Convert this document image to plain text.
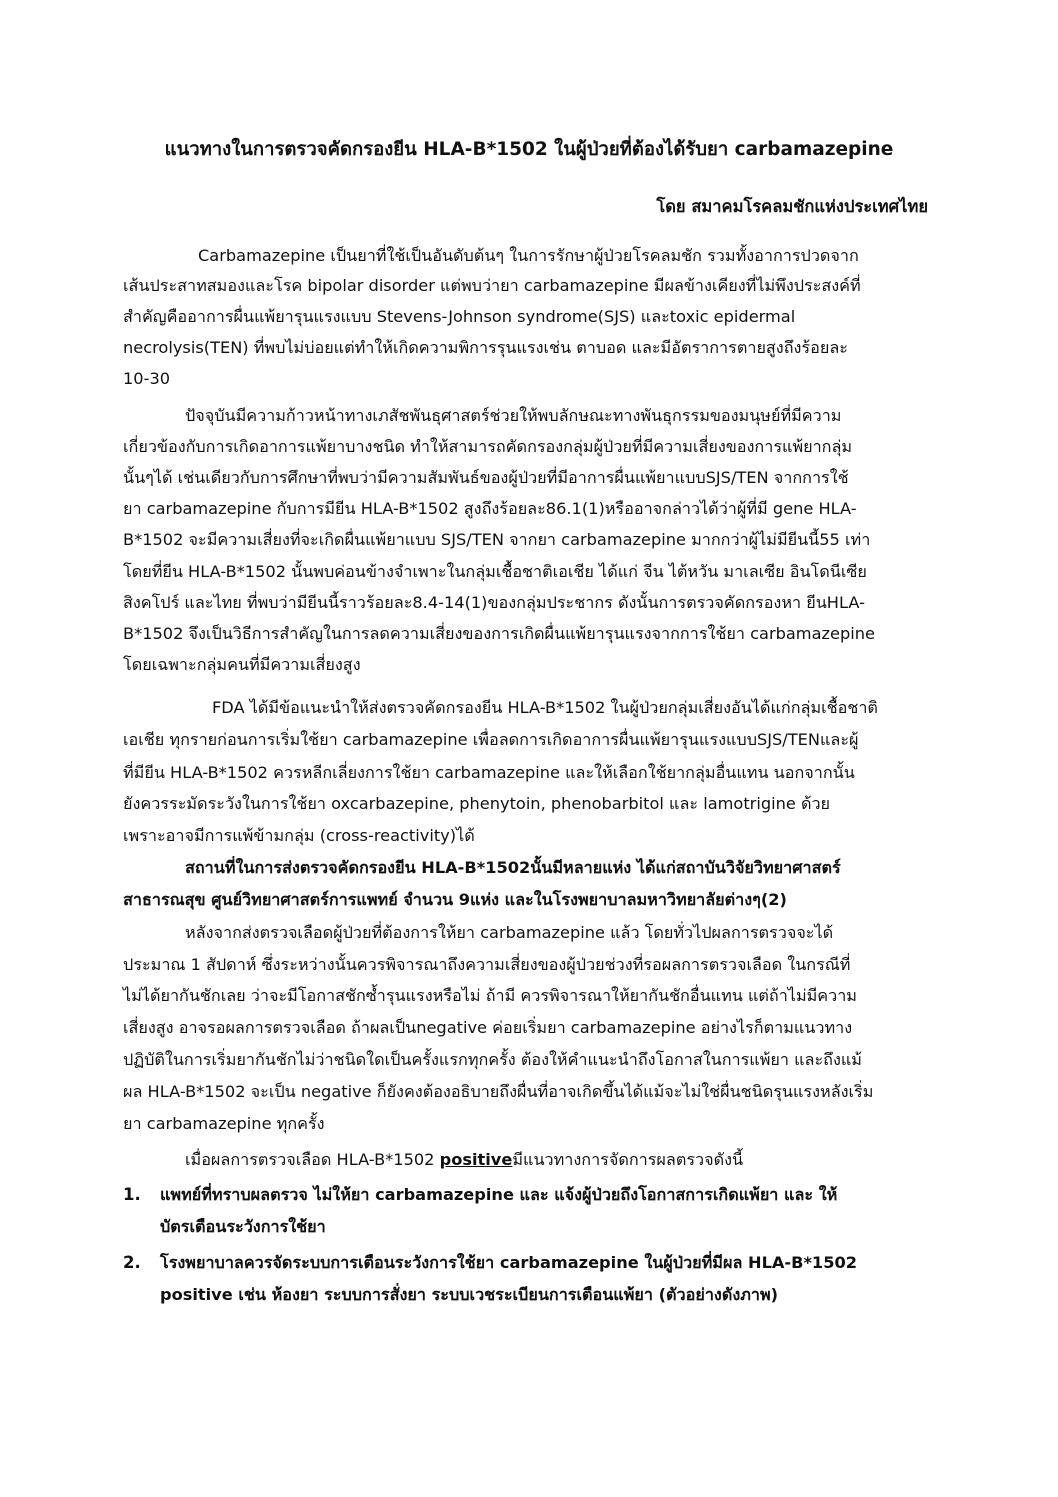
แนวทางในการตรวจคัดกรองยีน HLA-B*1502 ในผู้ป่วยที่ต้องได้รับยา carbamazepine
โดย สมาคมโรคลมชักแห่งประเทศไทย
Carbamazepine เป็นยาที่ใช้เป็นอันดับต้นๆ ในการรักษาผู้ป่วยโรคลมชัก รวมทั้งอาการปวดจาก
เส้นประสาทสมองและโรค bipolar disorder แต่พบว่ายา carbamazepine มีผลข้างเคียงที่ไม่พึงประสงค์ที่
สำคัญคืออาการผื่นแพ้ยารุนแรงแบบ Stevens-Johnson syndrome(SJS) และtoxic epidermal
necrolysis(TEN) ที่พบไม่บ่อยแต่ทำให้เกิดความพิการรุนแรงเช่น ตาบอด และมีอัตราการตายสูงถึงร้อยละ
10-30
ปัจจุบันมีความก้าวหน้าทางเภสัชพันธุศาสตร์ช่วยให้พบลักษณะทางพันธุกรรมของมนุษย์ที่มีความ
เกี่ยวข้องกับการเกิดอาการแพ้ยาบางชนิด ทำให้สามารถคัดกรองกลุ่มผู้ป่วยที่มีความเสี่ยงของการแพ้ยากลุ่ม
นั้นๆได้ เช่นเดียวกับการศึกษาที่พบว่ามีความสัมพันธ์ของผู้ป่วยที่มีอาการผื่นแพ้ยาแบบSJS/TEN จากการใช้
ยา carbamazepine กับการมียีน HLA-B*1502 สูงถึงร้อยละ86.1(1)หรืออาจกล่าวได้ว่าผู้ที่มี gene HLA-
B*1502 จะมีความเสี่ยงที่จะเกิดผื่นแพ้ยาแบบ SJS/TEN จากยา carbamazepine มากกว่าผู้ไม่มียีนนี้55 เท่า
โดยที่ยีน HLA-B*1502 นั้นพบค่อนข้างจำเพาะในกลุ่มเชื้อชาติเอเชีย ได้แก่ จีน ไต้หวัน มาเลเซีย อินโดนีเซีย
สิงคโปร์ และไทย ที่พบว่ามียีนนี้ราวร้อยละ8.4-14(1)ของกลุ่มประชากร ดังนั้นการตรวจคัดกรองหา ยีนHLA-
B*1502 จึงเป็นวิธีการสำคัญในการลดความเสี่ยงของการเกิดผื่นแพ้ยารุนแรงจากการใช้ยา carbamazepine
โดยเฉพาะกลุ่มคนที่มีความเสี่ยงสูง
FDA ได้มีข้อแนะนำให้ส่งตรวจคัดกรองยีน HLA-B*1502 ในผู้ป่วยกลุ่มเสี่ยงอันได้แก่กลุ่มเชื้อชาติ
เอเชีย ทุกรายก่อนการเริ่มใช้ยา carbamazepine เพื่อลดการเกิดอาการผื่นแพ้ยารุนแรงแบบSJS/TENและผู้
ที่มียีน HLA-B*1502 ควรหลีกเลี่ยงการใช้ยา carbamazepine และให้เลือกใช้ยากลุ่มอื่นแทน นอกจากนั้น
ยังควรระมัดระวังในการใช้ยา oxcarbazepine, phenytoin, phenobarbitol และ lamotrigine ด้วย
เพราะอาจมีการแพ้ข้ามกลุ่ม (cross-reactivity)ได้
สถานที่ในการส่งตรวจคัดกรองยีน HLA-B*1502นั้นมีหลายแห่ง ได้แก่สถาบันวิจัยวิทยาศาสตร์
สาธารณสุข ศูนย์วิทยาศาสตร์การแพทย์ จำนวน 9แห่ง และในโรงพยาบาลมหาวิทยาลัยต่างๆ(2)
หลังจากส่งตรวจเลือดผู้ป่วยที่ต้องการให้ยา carbamazepine แล้ว โดยทั่วไปผลการตรวจจะได้
ประมาณ 1 สัปดาห์ ซึ่งระหว่างนั้นควรพิจารณาถึงความเสี่ยงของผู้ป่วยช่วงที่รอผลการตรวจเลือด ในกรณีที่
ไม่ได้ยากันชักเลย ว่าจะมีโอกาสชักซ้ำรุนแรงหรือไม่ ถ้ามี ควรพิจารณาให้ยากันชักอื่นแทน แต่ถ้าไม่มีความ
เสี่ยงสูง อาจรอผลการตรวจเลือด ถ้าผลเป็นnegative ค่อยเริ่มยา carbamazepine อย่างไรก็ตามแนวทาง
ปฏิบัติในการเริ่มยากันชักไม่ว่าชนิดใดเป็นครั้งแรกทุกครั้ง ต้องให้คำแนะนำถึงโอกาสในการแพ้ยา และถึงแม้
ผล HLA-B*1502 จะเป็น negative ก็ยังคงต้องอธิบายถึงผื่นที่อาจเกิดขึ้นได้แม้จะไม่ใช่ผื่นชนิดรุนแรงหลังเริ่ม
ยา carbamazepine ทุกครั้ง
เมื่อผลการตรวจเลือด HLA-B*1502 positiveมีแนวทางการจัดการผลตรวจดังนี้
1. แพทย์ที่ทราบผลตรวจ ไม่ให้ยา carbamazepine และ แจ้งผู้ป่วยถึงโอกาสการเกิดแพ้ยา และ ให้
บัตรเตือนระวังการใช้ยา
2. โรงพยาบาลควรจัดระบบการเตือนระวังการใช้ยา carbamazepine ในผู้ป่วยที่มีผล HLA-B*1502
positive เช่น ห้องยา ระบบการสั่งยา ระบบเวชระเบียนการเตือนแพ้ยา (ตัวอย่างดังภาพ)
